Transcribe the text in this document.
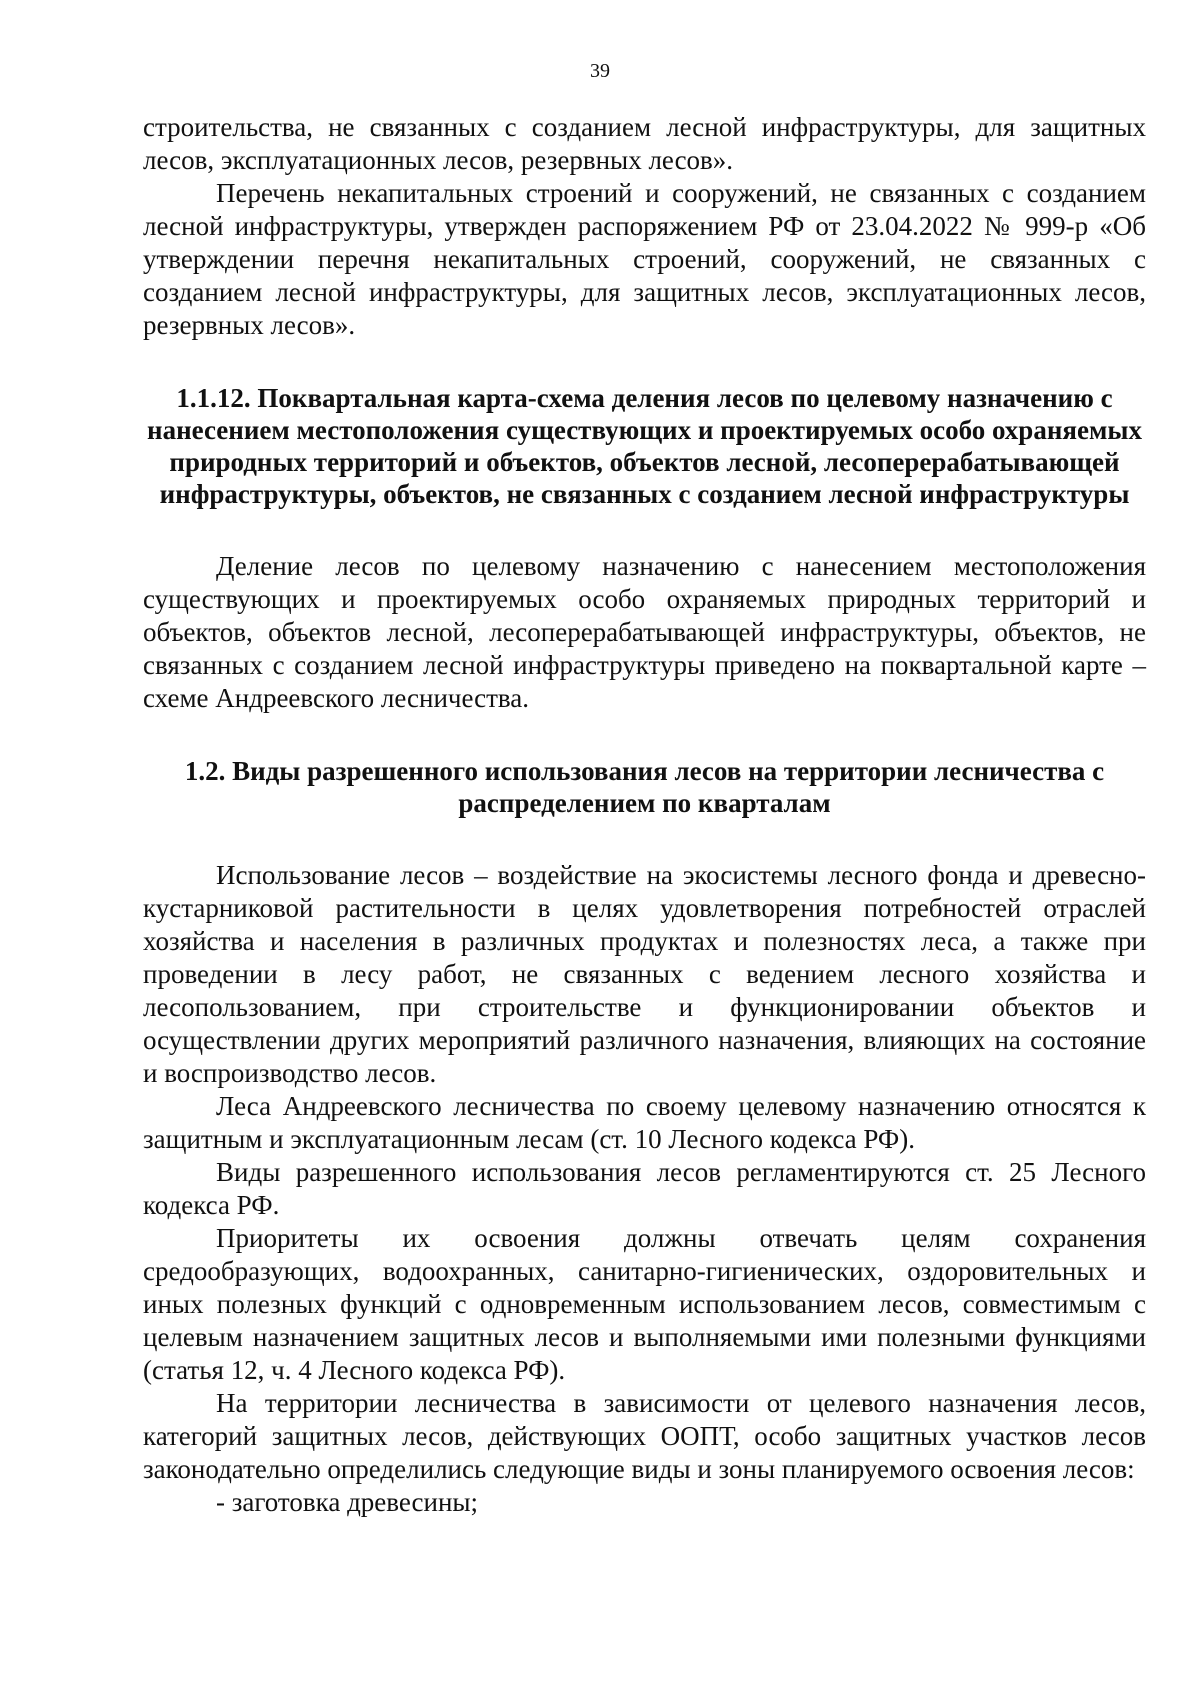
39

строительства, не связанных с созданием лесной инфраструктуры, для защитных лесов, эксплуатационных лесов, резервных лесов».

Перечень некапитальных строений и сооружений, не связанных с созданием лесной инфраструктуры, утвержден распоряжением РФ от 23.04.2022 № 999-р «Об утверждении перечня некапитальных строений, сооружений, не связанных с созданием лесной инфраструктуры, для защитных лесов, эксплуатационных лесов, резервных лесов».

1.1.12. Поквартальная карта-схема деления лесов по целевому назначению с нанесением местоположения существующих и проектируемых особо охраняемых природных территорий и объектов, объектов лесной, лесоперерабатывающей инфраструктуры, объектов, не связанных с созданием лесной инфраструктуры

Деление лесов по целевому назначению с нанесением местоположения существующих и проектируемых особо охраняемых природных территорий и объектов, объектов лесной, лесоперерабатывающей инфраструктуры, объектов, не связанных с созданием лесной инфраструктуры приведено на поквартальной карте – схеме Андреевского лесничества.

1.2. Виды разрешенного использования лесов на территории лесничества с распределением по кварталам

Использование лесов – воздействие на экосистемы лесного фонда и древесно-кустарниковой растительности в целях удовлетворения потребностей отраслей хозяйства и населения в различных продуктах и полезностях леса, а также при проведении в лесу работ, не связанных с ведением лесного хозяйства и лесопользованием, при строительстве и функционировании объектов и осуществлении других мероприятий различного назначения, влияющих на состояние и воспроизводство лесов.

Леса Андреевского лесничества по своему целевому назначению относятся к защитным и эксплуатационным лесам (ст. 10 Лесного кодекса РФ).

Виды разрешенного использования лесов регламентируются ст. 25 Лесного кодекса РФ.

Приоритеты их освоения должны отвечать целям сохранения средообразующих, водоохранных, санитарно-гигиенических, оздоровительных и иных полезных функций с одновременным использованием лесов, совместимым с целевым назначением защитных лесов и выполняемыми ими полезными функциями (статья 12, ч. 4 Лесного кодекса РФ).

На территории лесничества в зависимости от целевого назначения лесов, категорий защитных лесов, действующих ООПТ, особо защитных участков лесов законодательно определились следующие виды и зоны планируемого освоения лесов:

- заготовка древесины;
